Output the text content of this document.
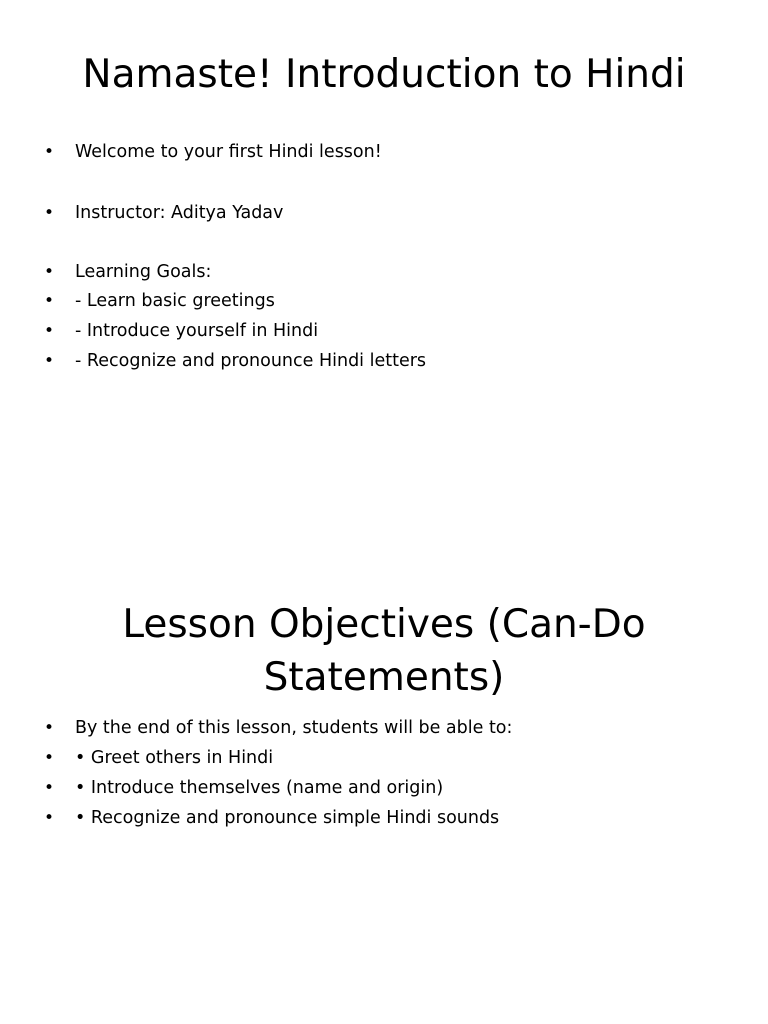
Namaste! Introduction to Hindi
• Welcome to your first Hindi lesson!
• Instructor: Aditya Yadav
• Learning Goals:
• - Learn basic greetings
• - Introduce yourself in Hindi
• - Recognize and pronounce Hindi letters
Lesson Objectives (Can-Do Statements)
• By the end of this lesson, students will be able to:
• • Greet others in Hindi
• • Introduce themselves (name and origin)
• • Recognize and pronounce simple Hindi sounds
